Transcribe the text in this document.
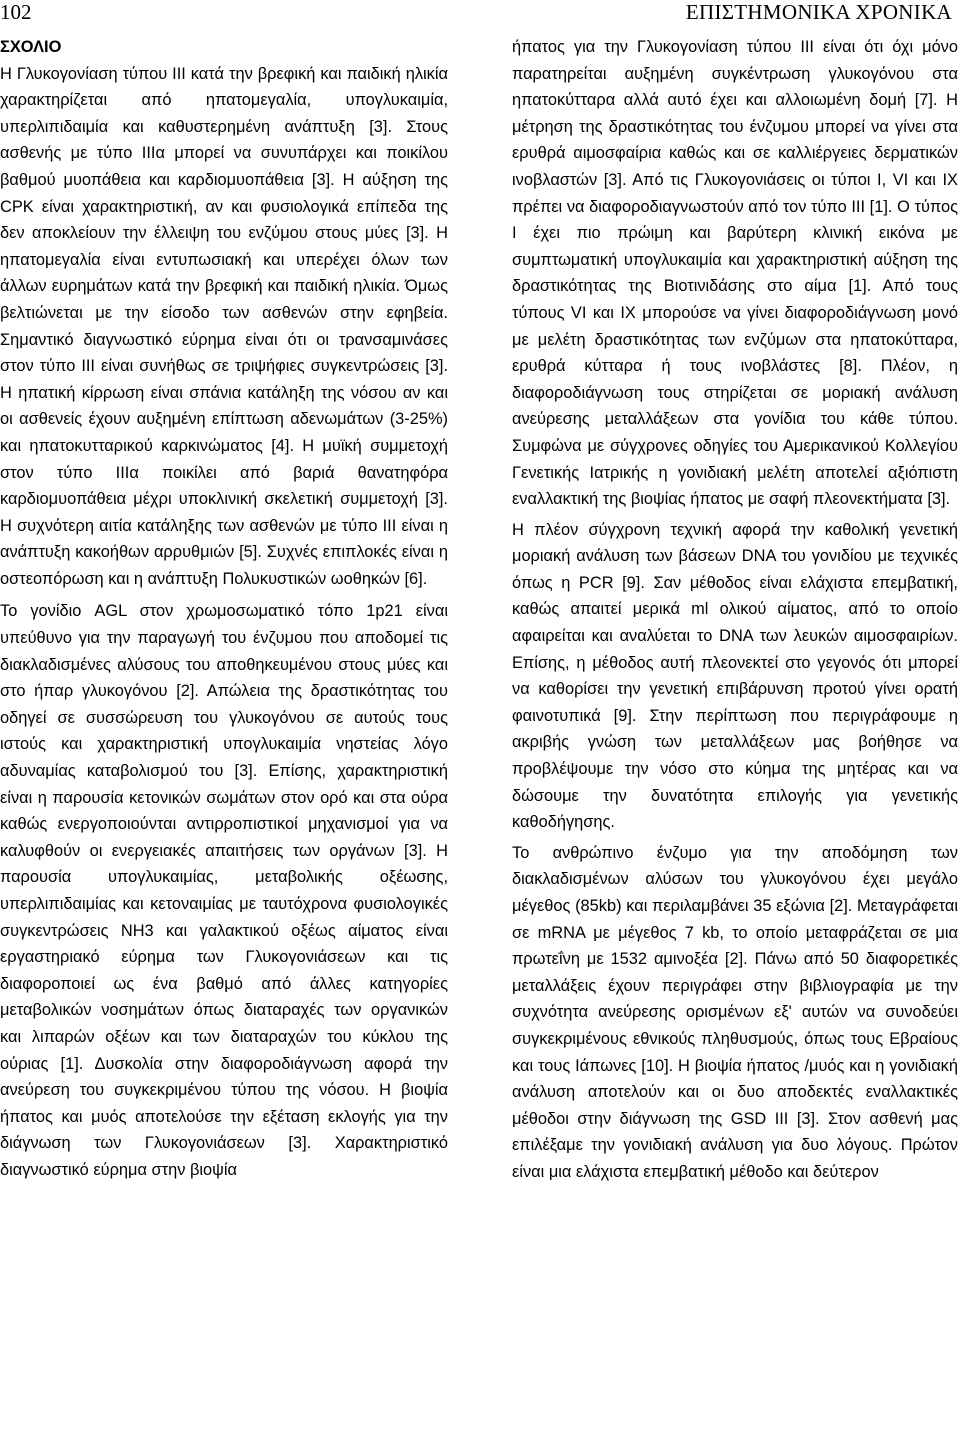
102	ΕΠΙΣΤΗΜΟΝΙΚΑ ΧΡΟΝΙΚΑ
ΣΧΟΛΙΟ

Η Γλυκογονίαση τύπου ΙΙΙ κατά την βρεφική και παιδική ηλικία χαρακτηρίζεται από ηπατομεγαλία, υπογλυκαιμία, υπερλιπιδαιμία και καθυστερημένη ανάπτυξη [3]. Στους ασθενής με τύπο ΙΙΙα μπορεί να συνυπάρχει και ποικίλου βαθμού μυοπάθεια και καρδιομυοπάθεια [3]. Η αύξηση της CPK είναι χαρακτηριστική, αν και φυσιολογικά επίπεδα της δεν αποκλείουν την έλλειψη του ενζύμου στους μύες [3]. Η ηπατομεγαλία είναι εντυπωσιακή και υπερέχει όλων των άλλων ευρημάτων κατά την βρεφική και παιδική ηλικία. Όμως βελτιώνεται με την είσοδο των ασθενών στην εφηβεία. Σημαντικό διαγνωστικό εύρημα είναι ότι οι τρανσαμινάσες στον τύπο ΙΙΙ είναι συνήθως σε τριψήφιες συγκεντρώσεις [3]. Η ηπατική κίρρωση είναι σπάνια κατάληξη της νόσου αν και οι ασθενείς έχουν αυξημένη επίπτωση αδενωμάτων (3-25%) και ηπατοκυτταρικού καρκινώματος [4]. Η μυϊκή συμμετοχή στον τύπο ΙΙΙα ποικίλει από βαριά θανατηφόρα καρδιομυοπάθεια μέχρι υποκλινική σκελετική συμμετοχή [3]. Η συχνότερη αιτία κατάληξης των ασθενών με τύπο ΙΙΙ είναι η ανάπτυξη κακοήθων αρρυθμιών [5]. Συχνές επιπλοκές είναι η οστεοπόρωση και η ανάπτυξη Πολυκυστικών ωοθηκών [6].

Το γονίδιο AGL στον χρωμοσωματικό τόπο 1p21 είναι υπεύθυνο για την παραγωγή του ένζυμου που αποδομεί τις διακλαδισμένες αλύσους του αποθηκευμένου στους μύες και στο ήπαρ γλυκογόνου [2]. Απώλεια της δραστικότητας του οδηγεί σε συσσώρευση του γλυκογόνου σε αυτούς τους ιστούς και χαρακτηριστική υπογλυκαιμία νηστείας λόγο αδυναμίας καταβολισμού του [3]. Επίσης, χαρακτηριστική είναι η παρουσία κετονικών σωμάτων στον ορό και στα ούρα καθώς ενεργοποιούνται αντιρροπιστικοί μηχανισμοί για να καλυφθούν οι ενεργειακές απαιτήσεις των οργάνων [3]. Η παρουσία υπογλυκαιμίας, μεταβολικής οξέωσης, υπερλιπιδαιμίας και κετοναιμίας με ταυτόχρονα φυσιολογικές συγκεντρώσεις ΝΗ3 και γαλακτικού οξέως αίματος είναι εργαστηριακό εύρημα των Γλυκογονιάσεων και τις διαφοροποιεί ως ένα βαθμό από άλλες κατηγορίες μεταβολικών νοσημάτων όπως διαταραχές των οργανικών και λιπαρών οξέων και των διαταραχών του κύκλου της ούριας [1]. Δυσκολία στην διαφοροδιάγνωση αφορά την ανεύρεση του συγκεκριμένου τύπου της νόσου. Η βιοψία ήπατος και μυός αποτελούσε την εξέταση εκλογής για την διάγνωση των Γλυκογονιάσεων [3]. Χαρακτηριστικό διαγνωστικό εύρημα στην βιοψία

ήπατος για την Γλυκογονίαση τύπου ΙΙΙ είναι ότι όχι μόνο παρατηρείται αυξημένη συγκέντρωση γλυκογόνου στα ηπατοκύτταρα αλλά αυτό έχει και αλλοιωμένη δομή [7]. Η μέτρηση της δραστικότητας του ένζυμου μπορεί να γίνει στα ερυθρά αιμοσφαίρια καθώς και σε καλλιέργειες δερματικών ινοβλαστών [3]. Από τις Γλυκογονιάσεις οι τύποι Ι, VI και IX πρέπει να διαφοροδιαγνωστούν από τον τύπο ΙΙΙ [1]. Ο τύπος Ι έχει πιο πρώιμη και βαρύτερη κλινική εικόνα με συμπτωματική υπογλυκαιμία και χαρακτηριστική αύξηση της δραστικότητας της Βιοτινιδάσης στο αίμα [1]. Από τους τύπους VI και IX μπορούσε να γίνει διαφοροδιάγνωση μονό με μελέτη δραστικότητας των ενζύμων στα ηπατοκύτταρα, ερυθρά κύτταρα ή τους ινοβλάστες [8]. Πλέον, η διαφοροδιάγνωση τους στηρίζεται σε μοριακή ανάλυση ανεύρεσης μεταλλάξεων στα γονίδια του κάθε τύπου. Συμφώνα με σύγχρονες οδηγίες του Αμερικανικού Κολλεγίου Γενετικής Ιατρικής η γονιδιακή μελέτη αποτελεί αξιόπιστη εναλλακτική της βιοψίας ήπατος με σαφή πλεονεκτήματα [3].

Η πλέον σύγχρονη τεχνική αφορά την καθολική γενετική μοριακή ανάλυση των βάσεων DNA του γονιδίου με τεχνικές όπως η PCR [9]. Σαν μέθοδος είναι ελάχιστα επεμβατική, καθώς απαιτεί μερικά ml ολικού αίματος, από το οποίο αφαιρείται και αναλύεται το DNA των λευκών αιμοσφαιρίων. Επίσης, η μέθοδος αυτή πλεονεκτεί στο γεγονός ότι μπορεί να καθορίσει την γενετική επιβάρυνση προτού γίνει ορατή φαινοτυπικά [9]. Στην περίπτωση που περιγράφουμε η ακριβής γνώση των μεταλλάξεων μας βοήθησε να προβλέψουμε την νόσο στο κύημα της μητέρας και να δώσουμε την δυνατότητα επιλογής για γενετικής καθοδήγησης.

Το ανθρώπινο ένζυμο για την αποδόμηση των διακλαδισμένων αλύσων του γλυκογόνου έχει μεγάλο μέγεθος (85kb) και περιλαμβάνει 35 εξώνια [2]. Μεταγράφεται σε mRNA με μέγεθος 7 kb, το οποίο μεταφράζεται σε μια πρωτεΐνη με 1532 αμινοξέα [2]. Πάνω από 50 διαφορετικές μεταλλάξεις έχουν περιγράφει στην βιβλιογραφία με την συχνότητα ανεύρεσης ορισμένων εξ' αυτών να συνοδεύει συγκεκριμένους εθνικούς πληθυσμούς, όπως τους Εβραίους και τους Ιάπωνες [10]. Η βιοψία ήπατος /μυός και η γονιδιακή ανάλυση αποτελούν και οι δυο αποδεκτές εναλλακτικές μέθοδοι στην διάγνωση της GSD III [3]. Στον ασθενή μας επιλέξαμε την γονιδιακή ανάλυση για δυο λόγους. Πρώτον είναι μια ελάχιστα επεμβατική μέθοδο και δεύτερον
